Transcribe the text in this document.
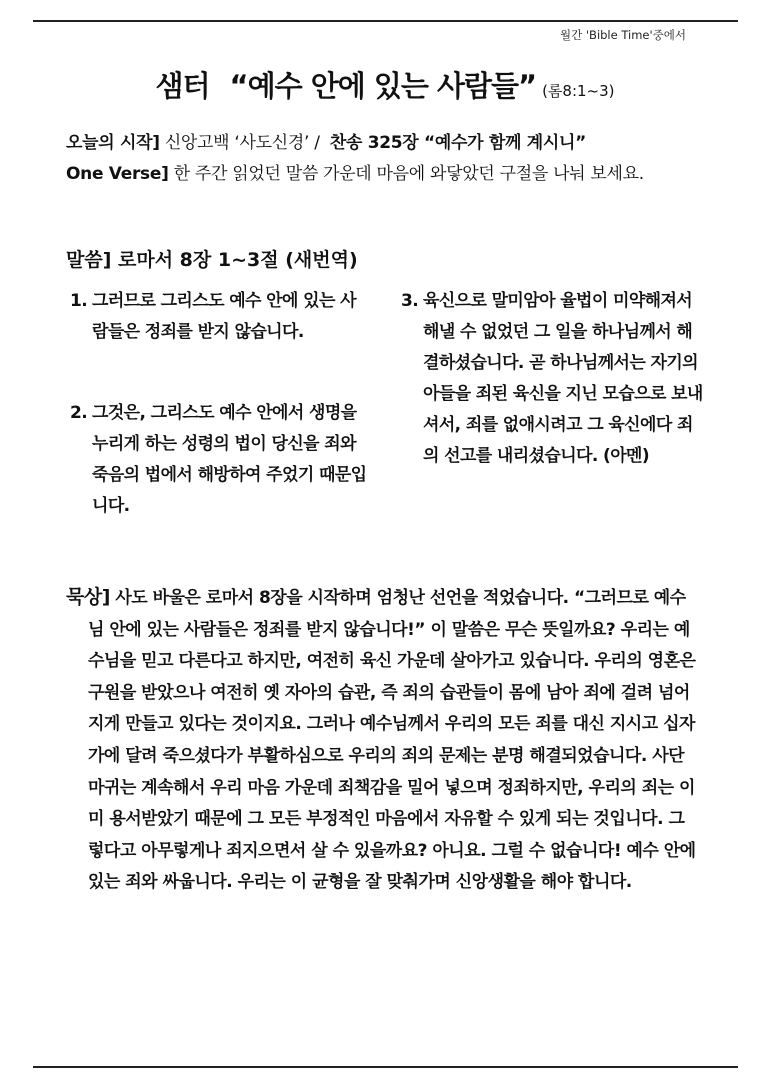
월간 'Bible Time'중에서
샘터 “예수 안에 있는 사람들” (롬8:1~3)
오늘의 시작] 신앙고백 ‘사도신경’ / 찬송 325장 “예수가 함께 계시니”
One Verse] 한 주간 읽었던 말씀 가운데 마음에 와닿았던 구절을 나눠 보세요.
말씀] 로마서 8장 1~3절 (새번역)
1. 그러므로 그리스도 예수 안에 있는 사람들은 정죄를 받지 않습니다.
2. 그것은, 그리스도 예수 안에서 생명을 누리게 하는 성령의 법이 당신을 죄와 죽음의 법에서 해방하여 주었기 때문입니다.
3. 육신으로 말미암아 율법이 미약해져서 해낼 수 없었던 그 일을 하나님께서 해결하셨습니다. 곧 하나님께서는 자기의 아들을 죄된 육신을 지닌 모습으로 보내셔서, 죄를 없애시려고 그 육신에다 죄의 선고를 내리셨습니다. (아멘)

묵상] 사도 바울은 로마서 8장을 시작하며 엄청난 선언을 적었습니다. “그러므로 예수님 안에 있는 사람들은 정죄를 받지 않습니다!” 이 말씀은 무슨 뜻일까요? 우리는 예수님을 믿고 다른다고 하지만, 여전히 육신 가운데 살아가고 있습니다. 우리의 영혼은 구원을 받았으나 여전히 옛 자아의 습관, 즉 죄의 습관들이 몸에 남아 죄에 걸려 넘어지게 만들고 있다는 것이지요. 그러나 예수님께서 우리의 모든 죄를 대신 지시고 십자가에 달려 죽으셨다가 부활하심으로 우리의 죄의 문제는 분명 해결되었습니다. 사단 마귀는 계속해서 우리 마음 가운데 죄책감을 밀어 넣으며 정죄하지만, 우리의 죄는 이미 용서받았기 때문에 그 모든 부정적인 마음에서 자유할 수 있게 되는 것입니다. 그렇다고 아무렇게나 죄지으면서 살 수 있을까요? 아니요. 그럴 수 없습니다! 예수 안에 있는 죄와 싸웁니다. 우리는 이 균형을 잘 맞춰가며 신앙생활을 해야 합니다.
